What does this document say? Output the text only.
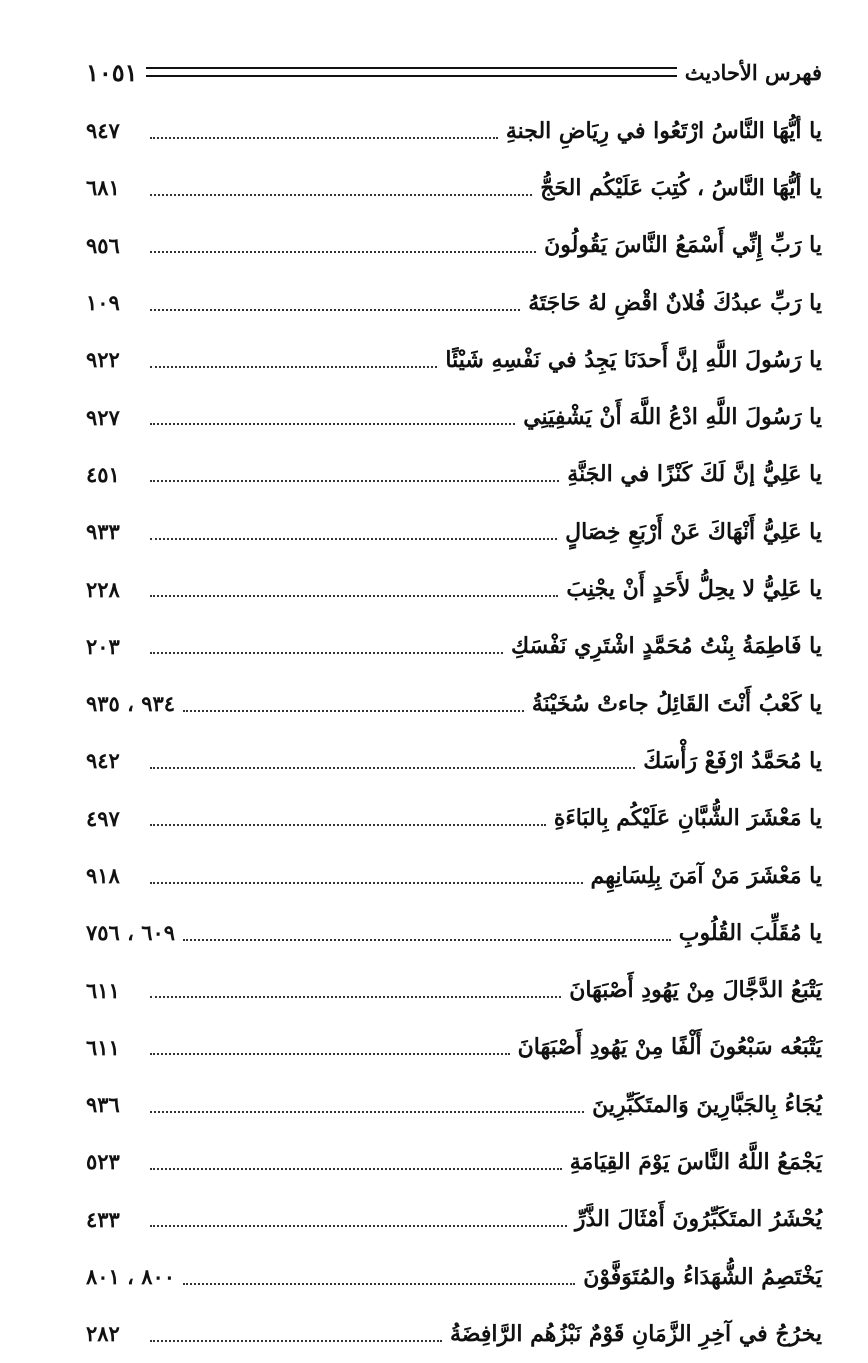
فهرس الأحاديث
١٠٥١
يا أيُّهَا النَّاسُ ارْتَعُوا في رِيَاضِ الجنةِ
٩٤٧
يا أيُّهَا النَّاسُ ، كُتِبَ عَلَيْكُم الحَجُّ
٦٨١
يا رَبِّ إِنِّي أَسْمَعُ النَّاسَ يَقُولُونَ
٩٥٦
يا رَبِّ عبدُكَ فُلانٌ اقْضِ لهُ حَاجَتَهُ
١٠٩
يا رَسُولَ اللَّهِ إنَّ أَحدَنَا يَجِدُ في نَفْسِهِ شَيْئًا
٩٢٢
يا رَسُولَ اللَّهِ ادْعُ اللَّهَ أَنْ يَشْفِيَنِي
٩٢٧
يا عَلِيُّ إنَّ لَكَ كَنْزًا في الجَنَّةِ
٤٥١
يا عَلِيُّ أَنْهَاكَ عَنْ أَرْبَعِ خِصَالٍ
٩٣٣
يا عَلِيُّ لا يحِلُّ لأَحَدٍ أَنْ يجْنِبَ
٢٢٨
يا فَاطِمَةُ بِنْتُ مُحَمَّدٍ اشْتَرِي نَفْسَكِ
٢٠٣
يا كَعْبُ أَنْتَ القَائِلُ جاءتْ سُخَيْنَةُ
٩٣٤ ، ٩٣٥
يا مُحَمَّدُ ارْفَعْ رَأْسَكَ
٩٤٢
يا مَعْشَرَ الشُّبَّانِ عَلَيْكُم بِالبَاءَةِ
٤٩٧
يا مَعْشَرَ مَنْ آمَنَ بِلِسَانِهِم
٩١٨
يا مُقَلِّبَ القُلُوبِ
٦٠٩ ، ٧٥٦
يَتْبَعُ الدَّجَّالَ مِنْ يَهُودِ أَصْبَهَانَ
٦١١
يَتْبَعُه سَبْعُونَ أَلْفًا مِنْ يَهُودِ أَصْبَهَانَ
٦١١
يُجَاءُ بِالجَبَّارِينَ وَالمتَكَبِّرِينَ
٩٣٦
يَجْمَعُ اللَّهُ النَّاسَ يَوْمَ القِيَامَةِ
٥٢٣
يُحْشَرُ المتَكَبِّرُونَ أَمْثَالَ الذَّرِّ
٤٣٣
يَخْتَصِمُ الشُّهَدَاءُ والمُتَوَفَّوْنَ
٨٠٠ ، ٨٠١
يخرُجُ في آخِرِ الزَّمَانِ قَوْمٌ نَبْزُهُم الرَّافِضَةُ
٢٨٢
